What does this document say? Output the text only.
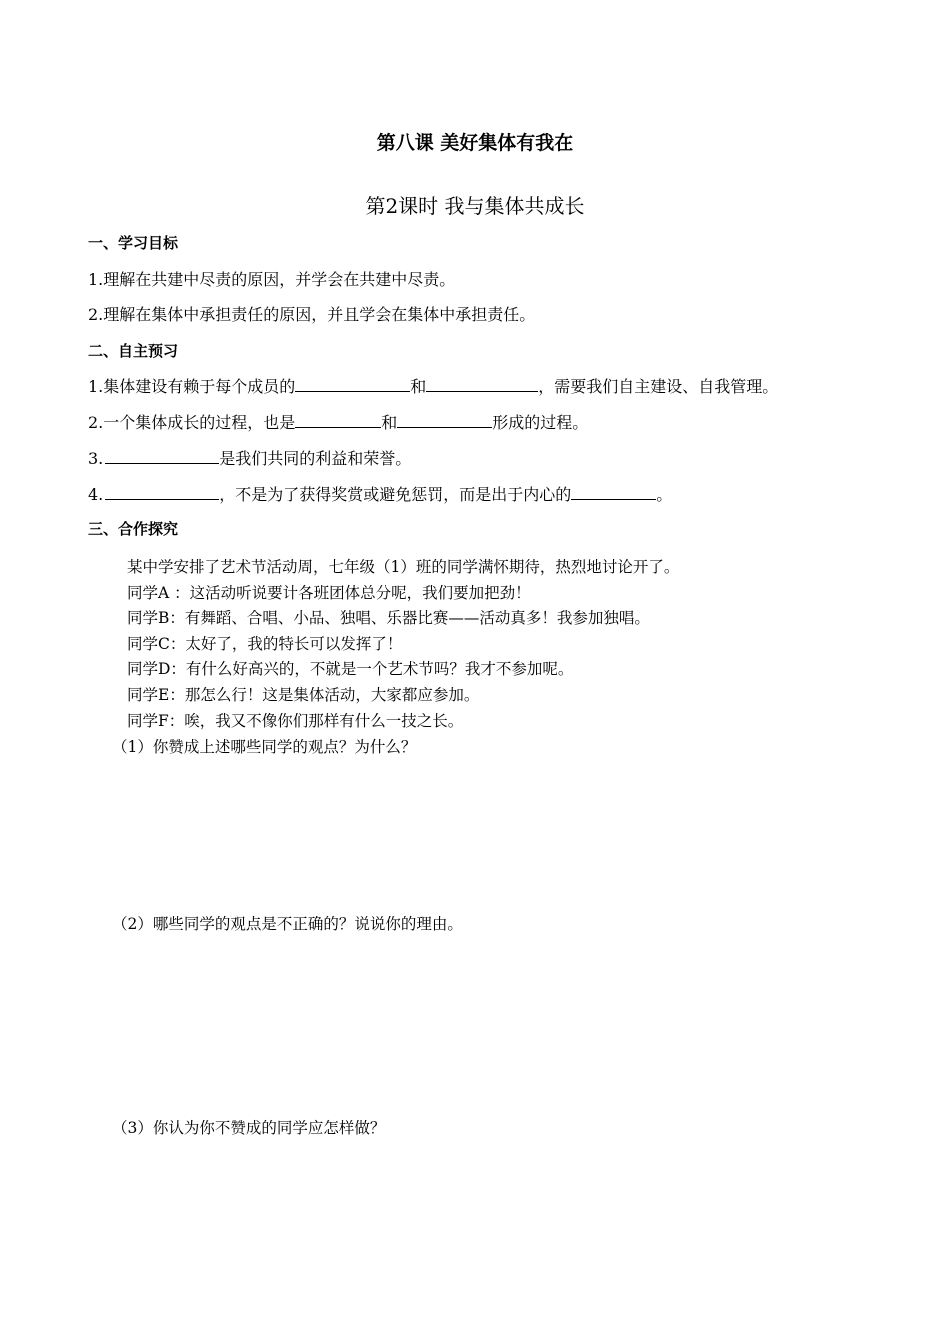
第八课 美好集体有我在
第2课时 我与集体共成长
一、学习目标
1.理解在共建中尽责的原因，并学会在共建中尽责。
2.理解在集体中承担责任的原因，并且学会在集体中承担责任。
二、自主预习
1.集体建设有赖于每个成员的	和	，需要我们自主建设、自我管理。
2.一个集体成长的过程，也是	和	形成的过程。
3.	是我们共同的利益和荣誉。
4.	，不是为了获得奖赏或避免惩罚，而是出于内心的	。
三、合作探究
某中学安排了艺术节活动周，七年级（1）班的同学满怀期待，热烈地讨论开了。
同学A ：这活动听说要计各班团体总分呢，我们要加把劲！
同学B：有舞蹈、合唱、小品、独唱、乐器比赛——活动真多！我参加独唱。
同学C：太好了，我的特长可以发挥了！
同学D：有什么好高兴的，不就是一个艺术节吗？我才不参加呢。
同学E：那怎么行！这是集体活动，大家都应参加。
同学F：唉，我又不像你们那样有什么一技之长。
（1）你赞成上述哪些同学的观点？为什么？
（2）哪些同学的观点是不正确的？说说你的理由。
（3）你认为你不赞成的同学应怎样做？
